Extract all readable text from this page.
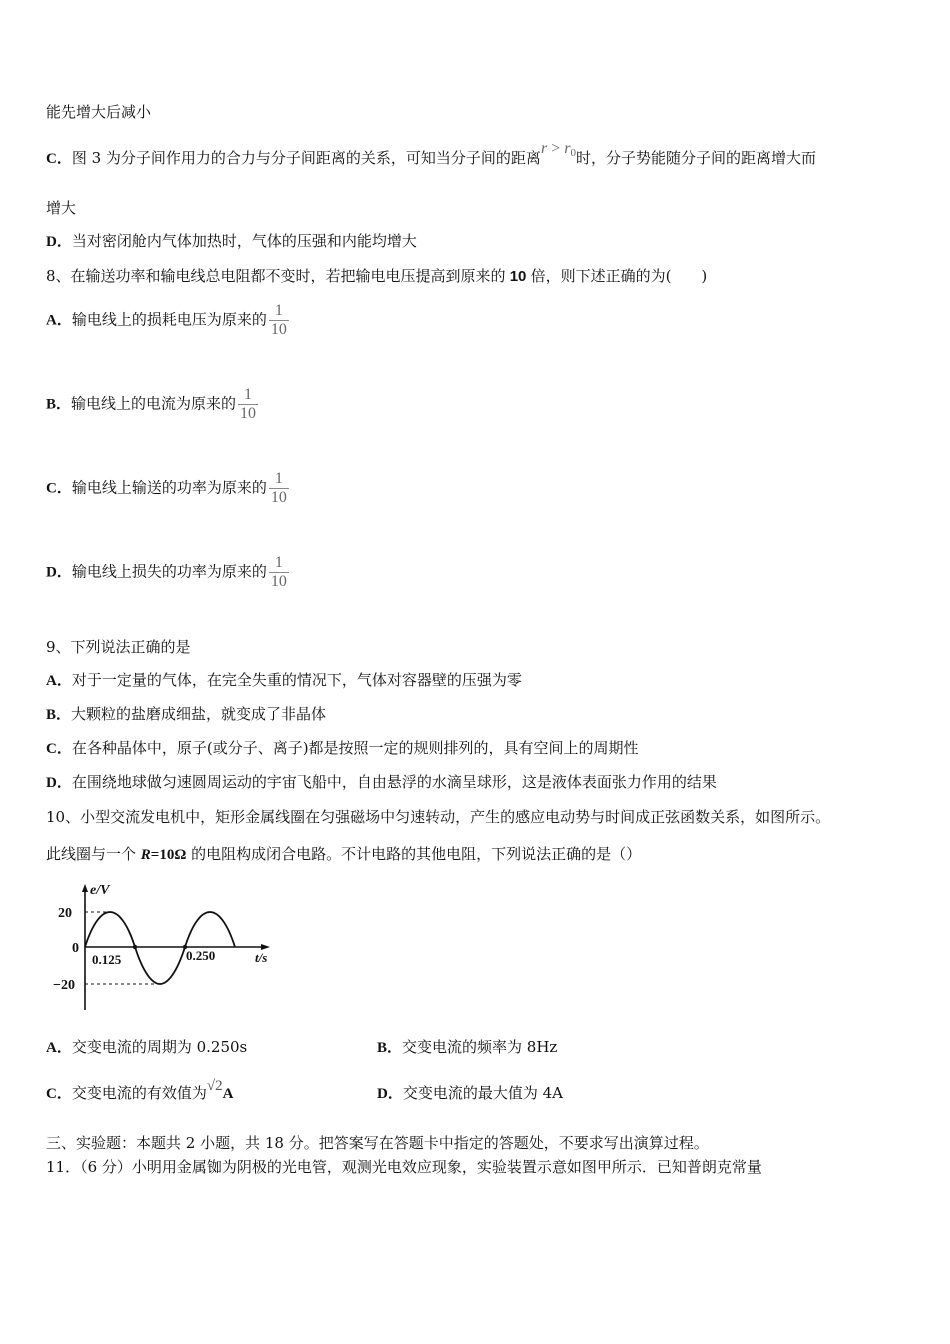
能先增大后减小
C．图 3 为分子间作用力的合力与分子间距离的关系，可知当分子间的距离$r > r_0$时，分子势能随分子间的距离增大而
增大
D．当对密闭舱内气体加热时，气体的压强和内能均增大
8、在输送功率和输电线总电阻都不变时，若把输电电压提高到原来的 10 倍，则下述正确的为(　　)
A．输电线上的损耗电压为原来的 $\frac{1}{10}$
B．输电线上的电流为原来的 $\frac{1}{10}$
C．输电线上输送的功率为原来的 $\frac{1}{10}$
D．输电线上损失的功率为原来的 $\frac{1}{10}$
9、下列说法正确的是
A．对于一定量的气体，在完全失重的情况下，气体对容器壁的压强为零
B．大颗粒的盐磨成细盐，就变成了非晶体
C．在各种晶体中，原子(或分子、离子)都是按照一定的规则排列的，具有空间上的周期性
D．在围绕地球做匀速圆周运动的宇宙飞船中，自由悬浮的水滴呈球形，这是液体表面张力作用的结果
10、小型交流发电机中，矩形金属线圈在匀强磁场中匀速转动，产生的感应电动势与时间成正弦函数关系，如图所示。
此线圈与一个 R=10Ω 的电阻构成闭合电路。不计电路的其他电阻，下列说法正确的是（）
e/V
20
0
−20
0.125	0.250	t/s
A．交变电流的周期为 0.250s	B．交变电流的频率为 8Hz
C．交变电流的有效值为√2A	D．交变电流的最大值为 4A
三、实验题：本题共 2 小题，共 18 分。把答案写在答题卡中指定的答题处，不要求写出演算过程。
11．（6 分）小明用金属铷为阴极的光电管，观测光电效应现象，实验装置示意如图甲所示．已知普朗克常量
